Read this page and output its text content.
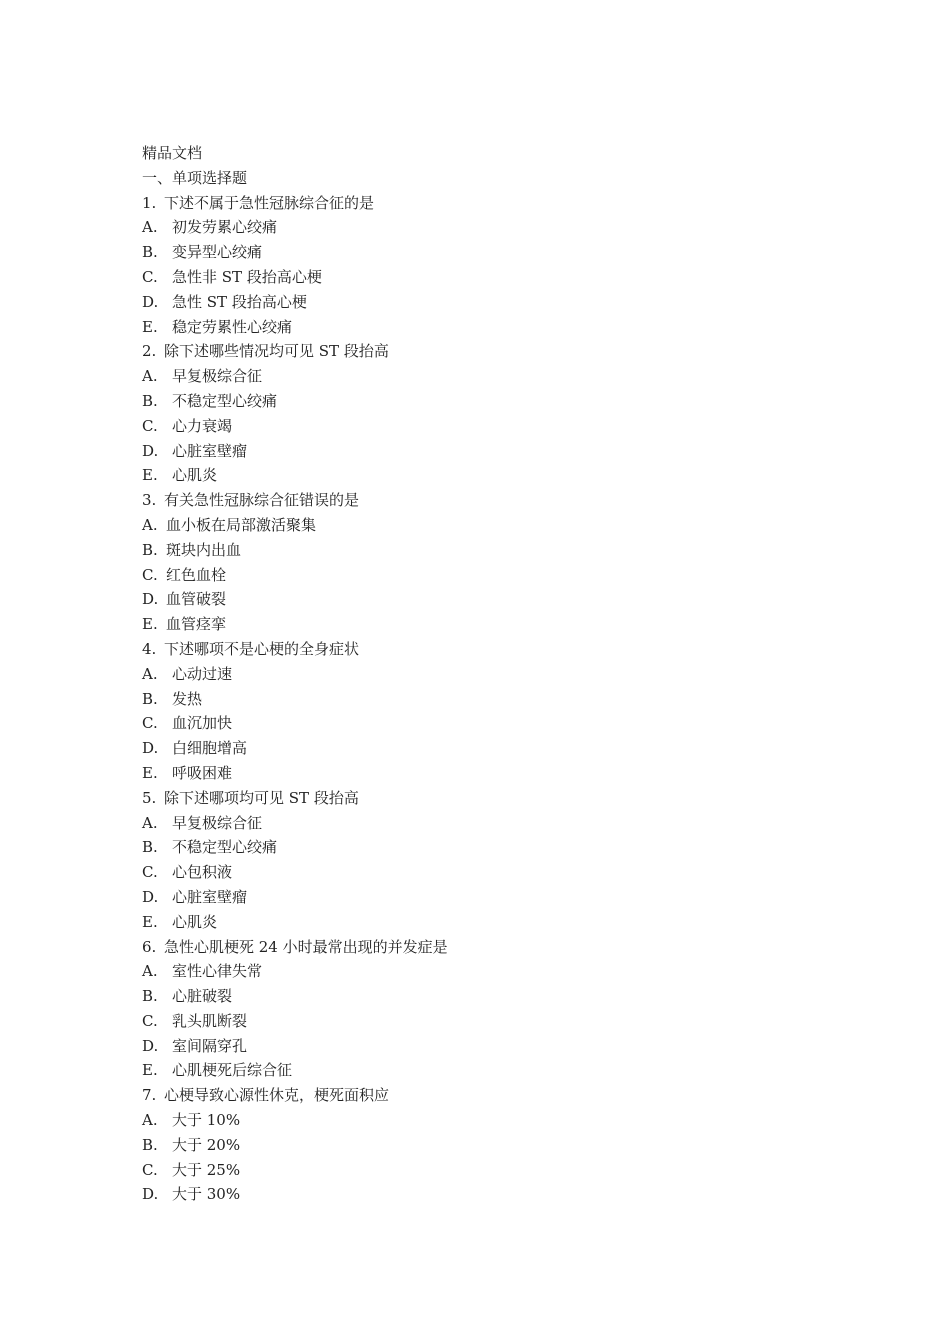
精品文档
一、单项选择题
1. 下述不属于急性冠脉综合征的是
A. 初发劳累心绞痛
B. 变异型心绞痛
C. 急性非 ST 段抬高心梗
D. 急性 ST 段抬高心梗
E. 稳定劳累性心绞痛
2. 除下述哪些情况均可见 ST 段抬高
A. 早复极综合征
B. 不稳定型心绞痛
C. 心力衰竭
D. 心脏室壁瘤
E. 心肌炎
3. 有关急性冠脉综合征错误的是
A. 血小板在局部激活聚集
B. 斑块内出血
C. 红色血栓
D. 血管破裂
E. 血管痉挛
4. 下述哪项不是心梗的全身症状
A. 心动过速
B. 发热
C. 血沉加快
D. 白细胞增高
E. 呼吸困难
5. 除下述哪项均可见 ST 段抬高
A. 早复极综合征
B. 不稳定型心绞痛
C. 心包积液
D. 心脏室壁瘤
E. 心肌炎
6. 急性心肌梗死 24 小时最常出现的并发症是
A. 室性心律失常
B. 心脏破裂
C. 乳头肌断裂
D. 室间隔穿孔
E. 心肌梗死后综合征
7. 心梗导致心源性休克，梗死面积应
A. 大于 10%
B. 大于 20%
C. 大于 25%
D. 大于 30%
